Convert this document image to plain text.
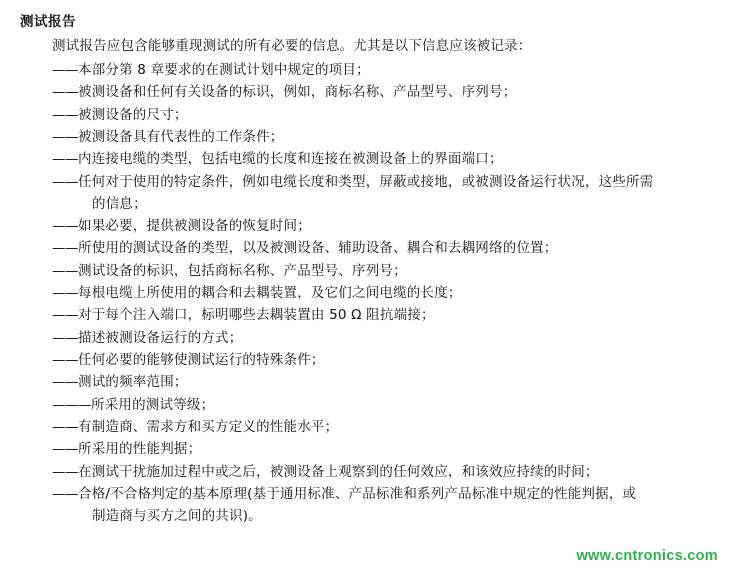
测试报告

测试报告应包含能够重现测试的所有必要的信息。尤其是以下信息应该被记录：

—— 本部分第 8 章要求的在测试计划中规定的项目；
—— 被测设备和任何有关设备的标识，例如，商标名称、产品型号、序列号；
—— 被测设备的尺寸；
—— 被测设备具有代表性的工作条件；
—— 内连接电缆的类型，包括电缆的长度和连接在被测设备上的界面端口；
—— 任何对于使用的特定条件，例如电缆长度和类型，屏蔽或接地，或被测设备运行状况，这些所需
的信息；
—— 如果必要，提供被测设备的恢复时间；
—— 所使用的测试设备的类型，以及被测设备、辅助设备、耦合和去耦网络的位置；
—— 测试设备的标识，包括商标名称、产品型号、序列号；
—— 每根电缆上所使用的耦合和去耦装置，及它们之间电缆的长度；
—— 对于每个注入端口，标明哪些去耦装置由 50 Ω 阻抗端接；
—— 描述被测设备运行的方式；
—— 任何必要的能够使测试运行的特殊条件；
—— 测试的频率范围；
——— 所采用的测试等级；
—— 有制造商、需求方和买方定义的性能水平；
—— 所采用的性能判据；
—— 在测试干扰施加过程中或之后，被测设备上观察到的任何效应，和该效应持续的时间；
—— 合格/不合格判定的基本原理(基于通用标准、产品标准和系列产品标准中规定的性能判据，或
制造商与买方之间的共识)。
www.cntronics.com
